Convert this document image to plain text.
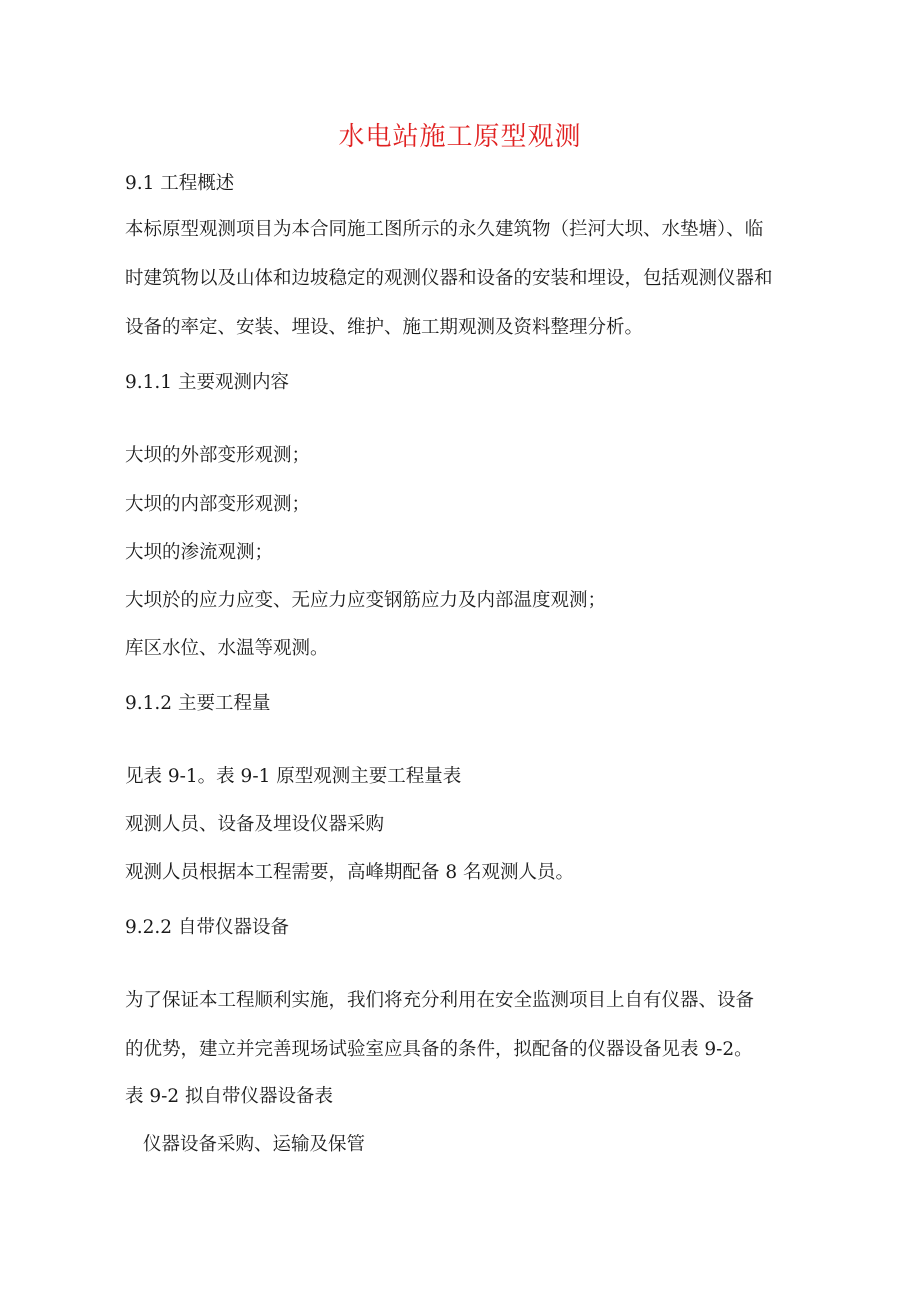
水电站施工原型观测
9.1 工程概述
本标原型观测项目为本合同施工图所示的永久建筑物（拦河大坝、水垫塘）、临
时建筑物以及山体和边坡稳定的观测仪器和设备的安装和埋设，包括观测仪器和
设备的率定、安装、埋设、维护、施工期观测及资料整理分析。
9.1.1 主要观测内容
大坝的外部变形观测；
大坝的内部变形观测；
大坝的渗流观测；
大坝於的应力应变、无应力应变钢筋应力及内部温度观测；
库区水位、水温等观测。
9.1.2 主要工程量
见表 9-1。表 9-1 原型观测主要工程量表
观测人员、设备及埋设仪器采购
观测人员根据本工程需要，高峰期配备 8 名观测人员。
9.2.2 自带仪器设备
为了保证本工程顺利实施，我们将充分利用在安全监测项目上自有仪器、设备
的优势，建立并完善现场试验室应具备的条件，拟配备的仪器设备见表 9-2。
表 9-2 拟自带仪器设备表
仪器设备采购、运输及保管
